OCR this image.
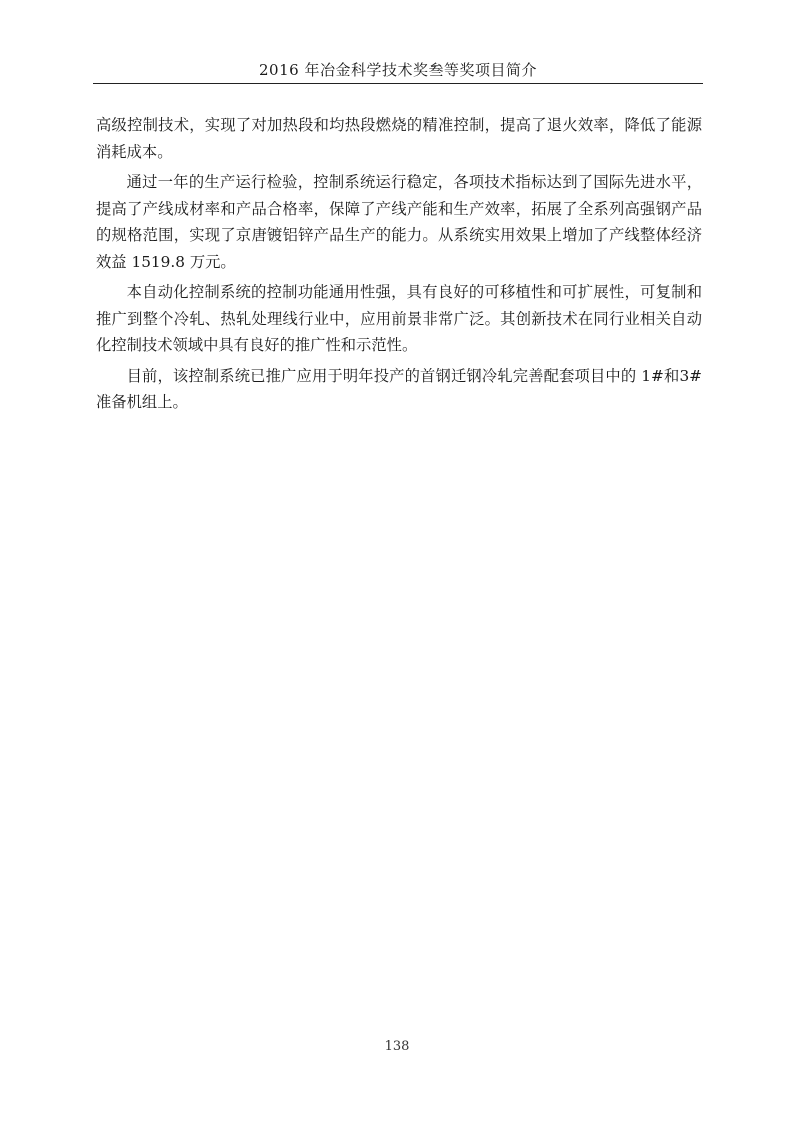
2016 年冶金科学技术奖叁等奖项目简介

高级控制技术，实现了对加热段和均热段燃烧的精准控制，提高了退火效率，降低了能源消耗成本。

通过一年的生产运行检验，控制系统运行稳定，各项技术指标达到了国际先进水平，提高了产线成材率和产品合格率，保障了产线产能和生产效率，拓展了全系列高强钢产品的规格范围，实现了京唐镀铝锌产品生产的能力。从系统实用效果上增加了产线整体经济效益 1519.8 万元。

本自动化控制系统的控制功能通用性强，具有良好的可移植性和可扩展性，可复制和推广到整个冷轧、热轧处理线行业中，应用前景非常广泛。其创新技术在同行业相关自动化控制技术领域中具有良好的推广性和示范性。

目前，该控制系统已推广应用于明年投产的首钢迁钢冷轧完善配套项目中的 1#和3#准备机组上。

138
